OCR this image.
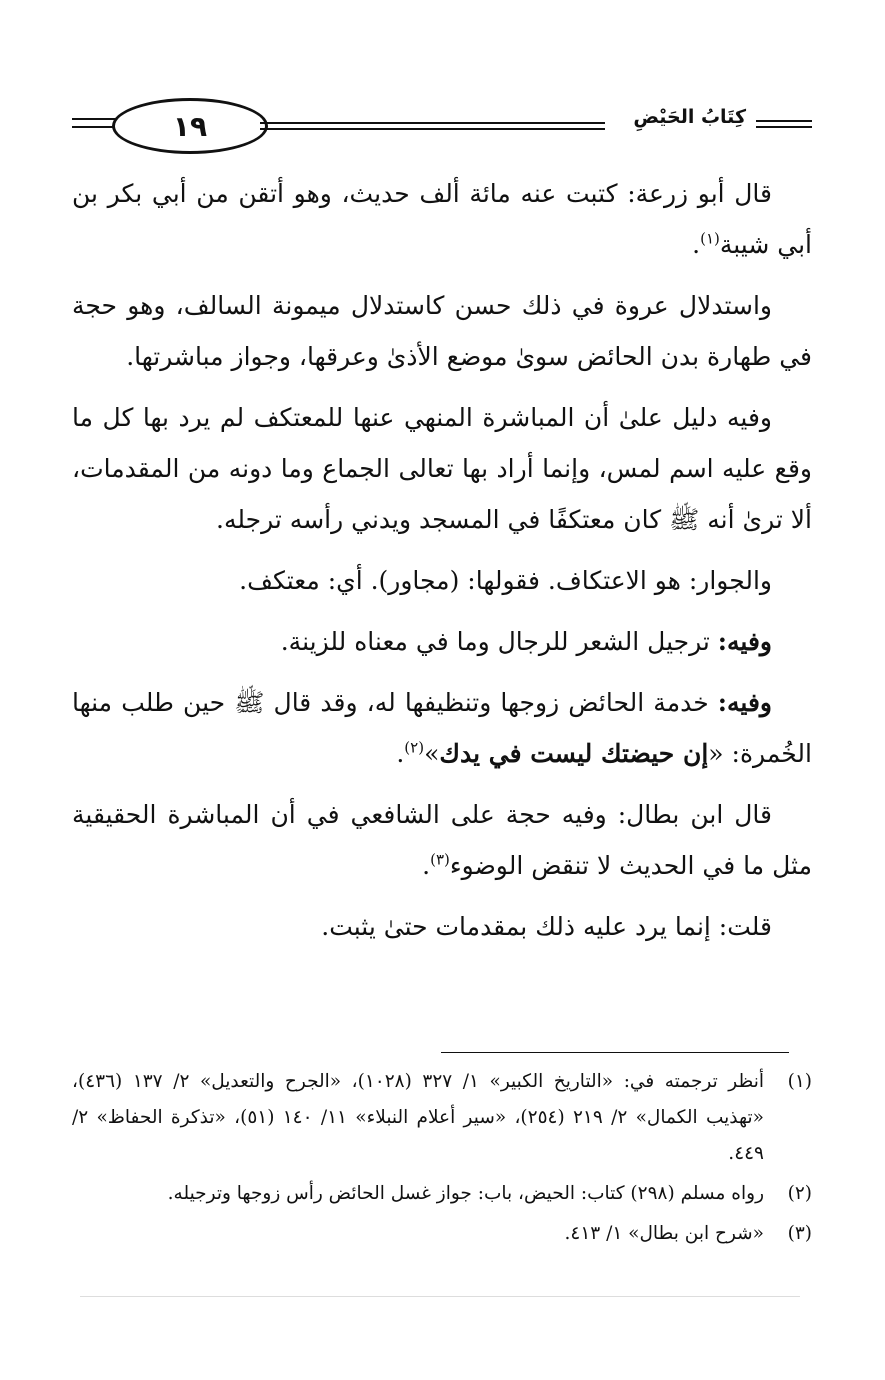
١٩	كِتَابُ الحَيْضِ

قال أبو زرعة: كتبت عنه مائة ألف حديث، وهو أتقن من أبي بكر بن أبي شيبة$^{(١)}$.

واستدلال عروة في ذلك حسن كاستدلال ميمونة السالف، وهو حجة في طهارة بدن الحائض سوىٰ موضع الأذىٰ وعرقها، وجواز مباشرتها.

وفيه دليل علىٰ أن المباشرة المنهي عنها للمعتكف لم يرد بها كل ما وقع عليه اسم لمس، وإنما أراد بها تعالى الجماع وما دونه من المقدمات، ألا ترىٰ أنه ﷺ كان معتكفًا في المسجد ويدني رأسه ترجله.

والجوار: هو الاعتكاف. فقولها: (مجاور). أي: معتكف.

وفيه: ترجيل الشعر للرجال وما في معناه للزينة.

وفيه: خدمة الحائض زوجها وتنظيفها له، وقد قال ﷺ حين طلب منها الخُمرة: «إن حيضتك ليست في يدك»$^{(٢)}$.

قال ابن بطال: وفيه حجة على الشافعي في أن المباشرة الحقيقية مثل ما في الحديث لا تنقض الوضوء$^{(٣)}$.

قلت: إنما يرد عليه ذلك بمقدمات حتىٰ يثبت.

(١)
أنظر ترجمته في: «التاريخ الكبير» ١/ ٣٢٧ (١٠٢٨)، «الجرح والتعديل» ٢/ ١٣٧ (٤٣٦)، «تهذيب الكمال» ٢/ ٢١٩ (٢٥٤)، «سير أعلام النبلاء» ١١/ ١٤٠ (٥١)، «تذكرة الحفاظ» ٢/ ٤٤٩.
(٢)
رواه مسلم (٢٩٨) كتاب: الحيض، باب: جواز غسل الحائض رأس زوجها وترجيله.
(٣)
«شرح ابن بطال» ١/ ٤١٣.
